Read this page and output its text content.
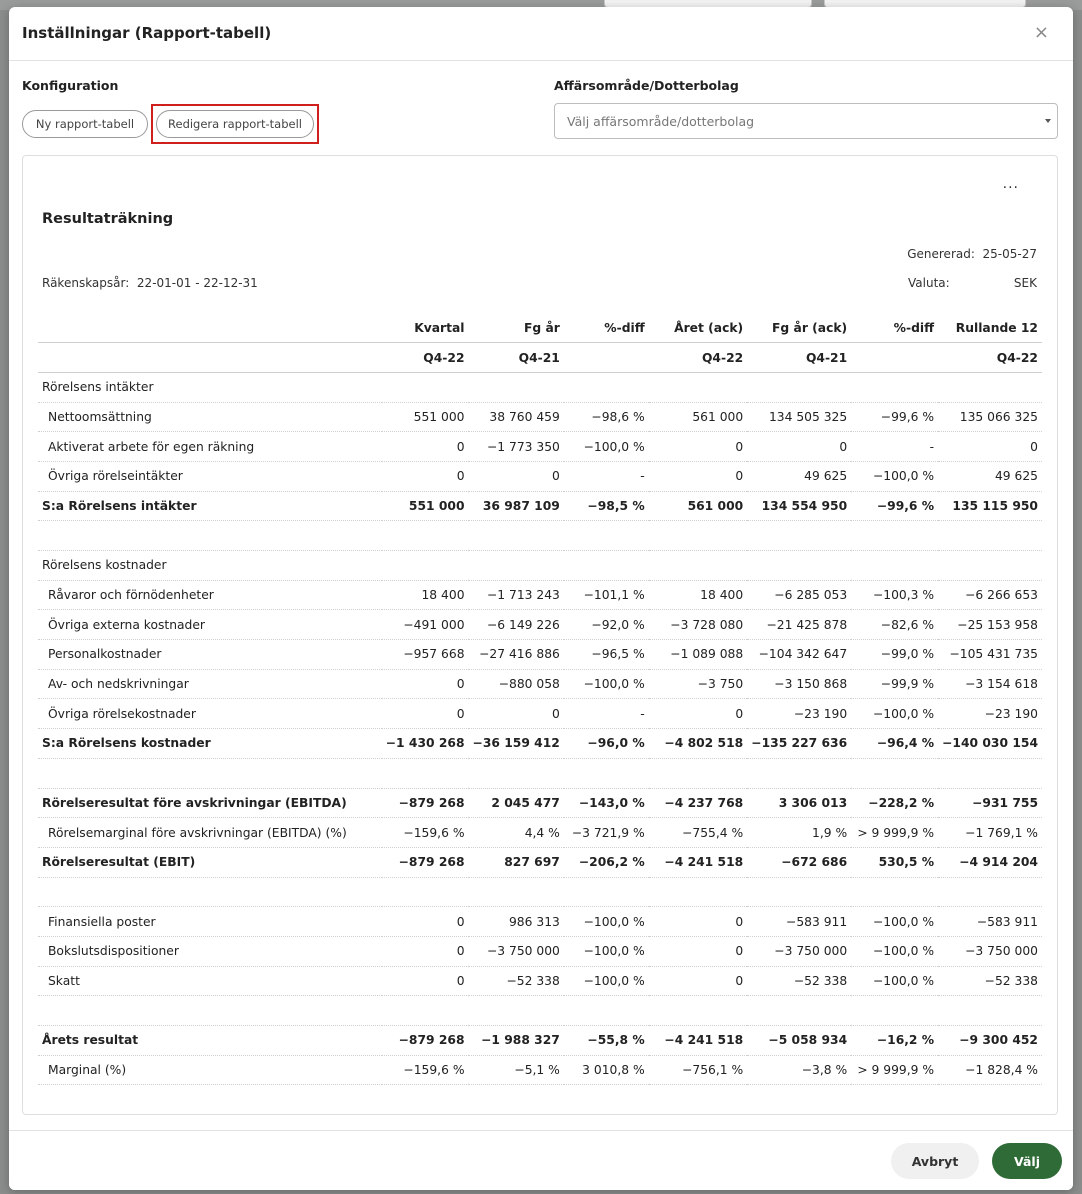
Inställningar (Rapport-tabell)	×
Konfiguration
Ny rapport-tabell	Redigera rapport-tabell
Affärsområde/Dotterbolag
Välj affärsområde/dotterbolag
···
Resultaträkning
Genererad: 25-05-27
Räkenskapsår: 22-01-01 - 22-12-31	Valuta:	SEK
	Kvartal	Fg år	%-diff	Året (ack)	Fg år (ack)	%-diff	Rullande 12
	Q4-22	Q4-21		Q4-22	Q4-21		Q4-22
Rörelsens intäkter							
Nettoomsättning	551 000	38 760 459	−98,6 %	561 000	134 505 325	−99,6 %	135 066 325
Aktiverat arbete för egen räkning	0	−1 773 350	−100,0 %	0	0	-	0
Övriga rörelseintäkter	0	0	-	0	49 625	−100,0 %	49 625
S:a Rörelsens intäkter	551 000	36 987 109	−98,5 %	561 000	134 554 950	−99,6 %	135 115 950

Rörelsens kostnader							
Råvaror och förnödenheter	18 400	−1 713 243	−101,1 %	18 400	−6 285 053	−100,3 %	−6 266 653
Övriga externa kostnader	−491 000	−6 149 226	−92,0 %	−3 728 080	−21 425 878	−82,6 %	−25 153 958
Personalkostnader	−957 668	−27 416 886	−96,5 %	−1 089 088	−104 342 647	−99,0 %	−105 431 735
Av- och nedskrivningar	0	−880 058	−100,0 %	−3 750	−3 150 868	−99,9 %	−3 154 618
Övriga rörelsekostnader	0	0	-	0	−23 190	−100,0 %	−23 190
S:a Rörelsens kostnader	−1 430 268	−36 159 412	−96,0 %	−4 802 518	−135 227 636	−96,4 %	−140 030 154

Rörelseresultat före avskrivningar (EBITDA)	−879 268	2 045 477	−143,0 %	−4 237 768	3 306 013	−228,2 %	−931 755
Rörelsemarginal före avskrivningar (EBITDA) (%)	−159,6 %	4,4 %	−3 721,9 %	−755,4 %	1,9 %	> 9 999,9 %	−1 769,1 %
Rörelseresultat (EBIT)	−879 268	827 697	−206,2 %	−4 241 518	−672 686	530,5 %	−4 914 204

Finansiella poster	0	986 313	−100,0 %	0	−583 911	−100,0 %	−583 911
Bokslutsdispositioner	0	−3 750 000	−100,0 %	0	−3 750 000	−100,0 %	−3 750 000
Skatt	0	−52 338	−100,0 %	0	−52 338	−100,0 %	−52 338

Årets resultat	−879 268	−1 988 327	−55,8 %	−4 241 518	−5 058 934	−16,2 %	−9 300 452
Marginal (%)	−159,6 %	−5,1 %	3 010,8 %	−756,1 %	−3,8 %	> 9 999,9 %	−1 828,4 %
Avbryt	Välj
